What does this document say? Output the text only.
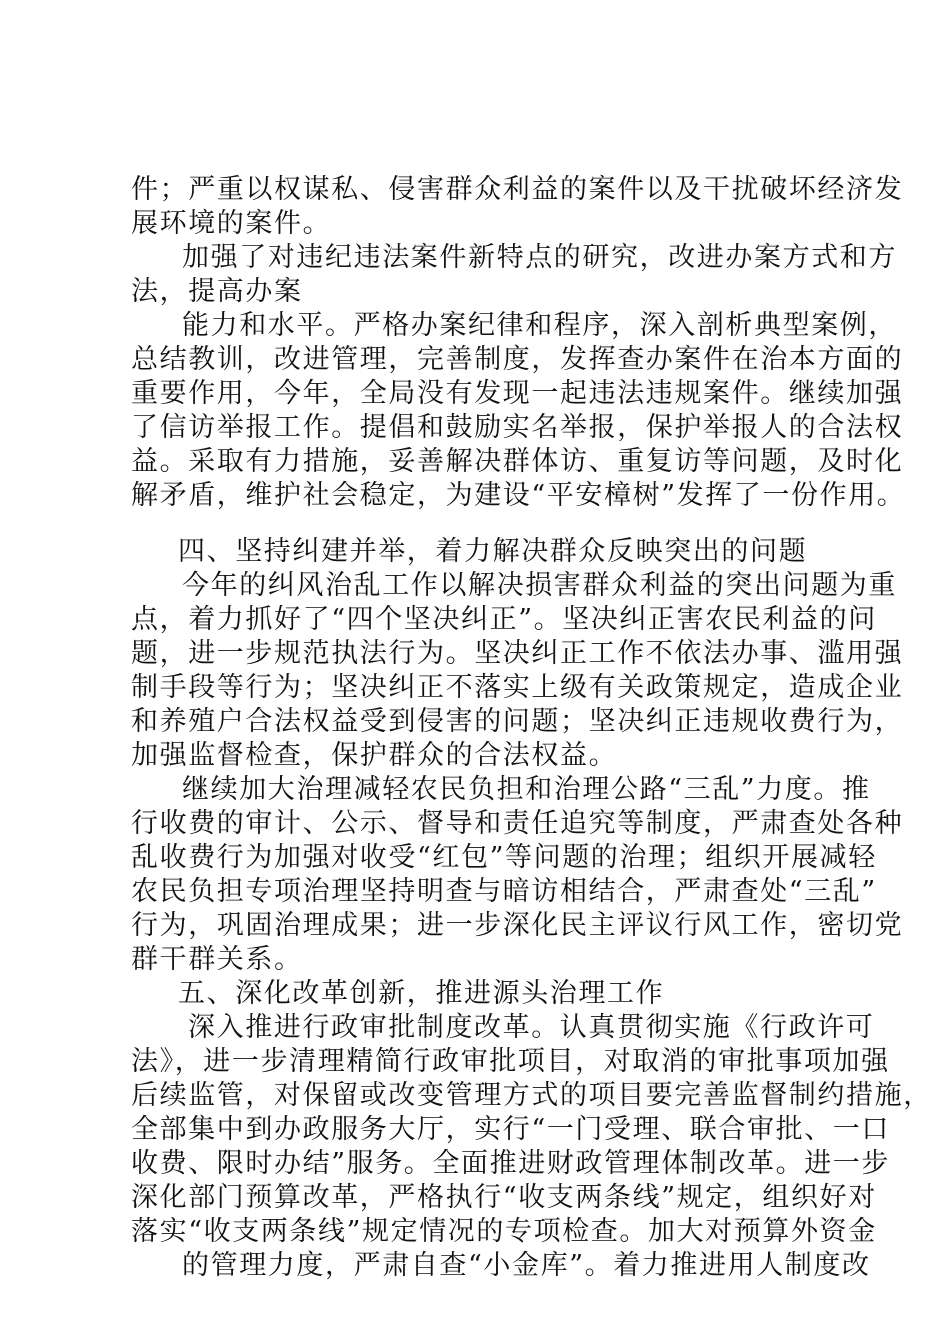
件；严重以权谋私、侵害群众利益的案件以及干扰破坏经济发
展环境的案件。
加强了对违纪违法案件新特点的研究，改进办案方式和方
法，提高办案
能力和水平。严格办案纪律和程序，深入剖析典型案例，
总结教训，改进管理，完善制度，发挥查办案件在治本方面的
重要作用，今年，全局没有发现一起违法违规案件。继续加强
了信访举报工作。提倡和鼓励实名举报，保护举报人的合法权
益。采取有力措施，妥善解决群体访、重复访等问题，及时化
解矛盾，维护社会稳定，为建设“平安樟树”发挥了一份作用。
四、坚持纠建并举，着力解决群众反映突出的问题
今年的纠风治乱工作以解决损害群众利益的突出问题为重
点，着力抓好了“四个坚决纠正”。坚决纠正害农民利益的问
题，进一步规范执法行为。坚决纠正工作不依法办事、滥用强
制手段等行为；坚决纠正不落实上级有关政策规定，造成企业
和养殖户合法权益受到侵害的问题；坚决纠正违规收费行为，
加强监督检查，保护群众的合法权益。
继续加大治理减轻农民负担和治理公路“三乱”力度。推
行收费的审计、公示、督导和责任追究等制度，严肃查处各种
乱收费行为加强对收受“红包”等问题的治理；组织开展减轻
农民负担专项治理坚持明查与暗访相结合，严肃查处“三乱”
行为，巩固治理成果；进一步深化民主评议行风工作，密切党
群干群关系。
五、深化改革创新，推进源头治理工作
深入推进行政审批制度改革。认真贯彻实施《行政许可
法》，进一步清理精简行政审批项目，对取消的审批事项加强
后续监管，对保留或改变管理方式的项目要完善监督制约措施，
全部集中到办政服务大厅，实行“一门受理、联合审批、一口
收费、限时办结”服务。全面推进财政管理体制改革。进一步
深化部门预算改革，严格执行“收支两条线”规定，组织好对
落实“收支两条线”规定情况的专项检查。加大对预算外资金
的管理力度，严肃自查“小金库”。着力推进用人制度改
